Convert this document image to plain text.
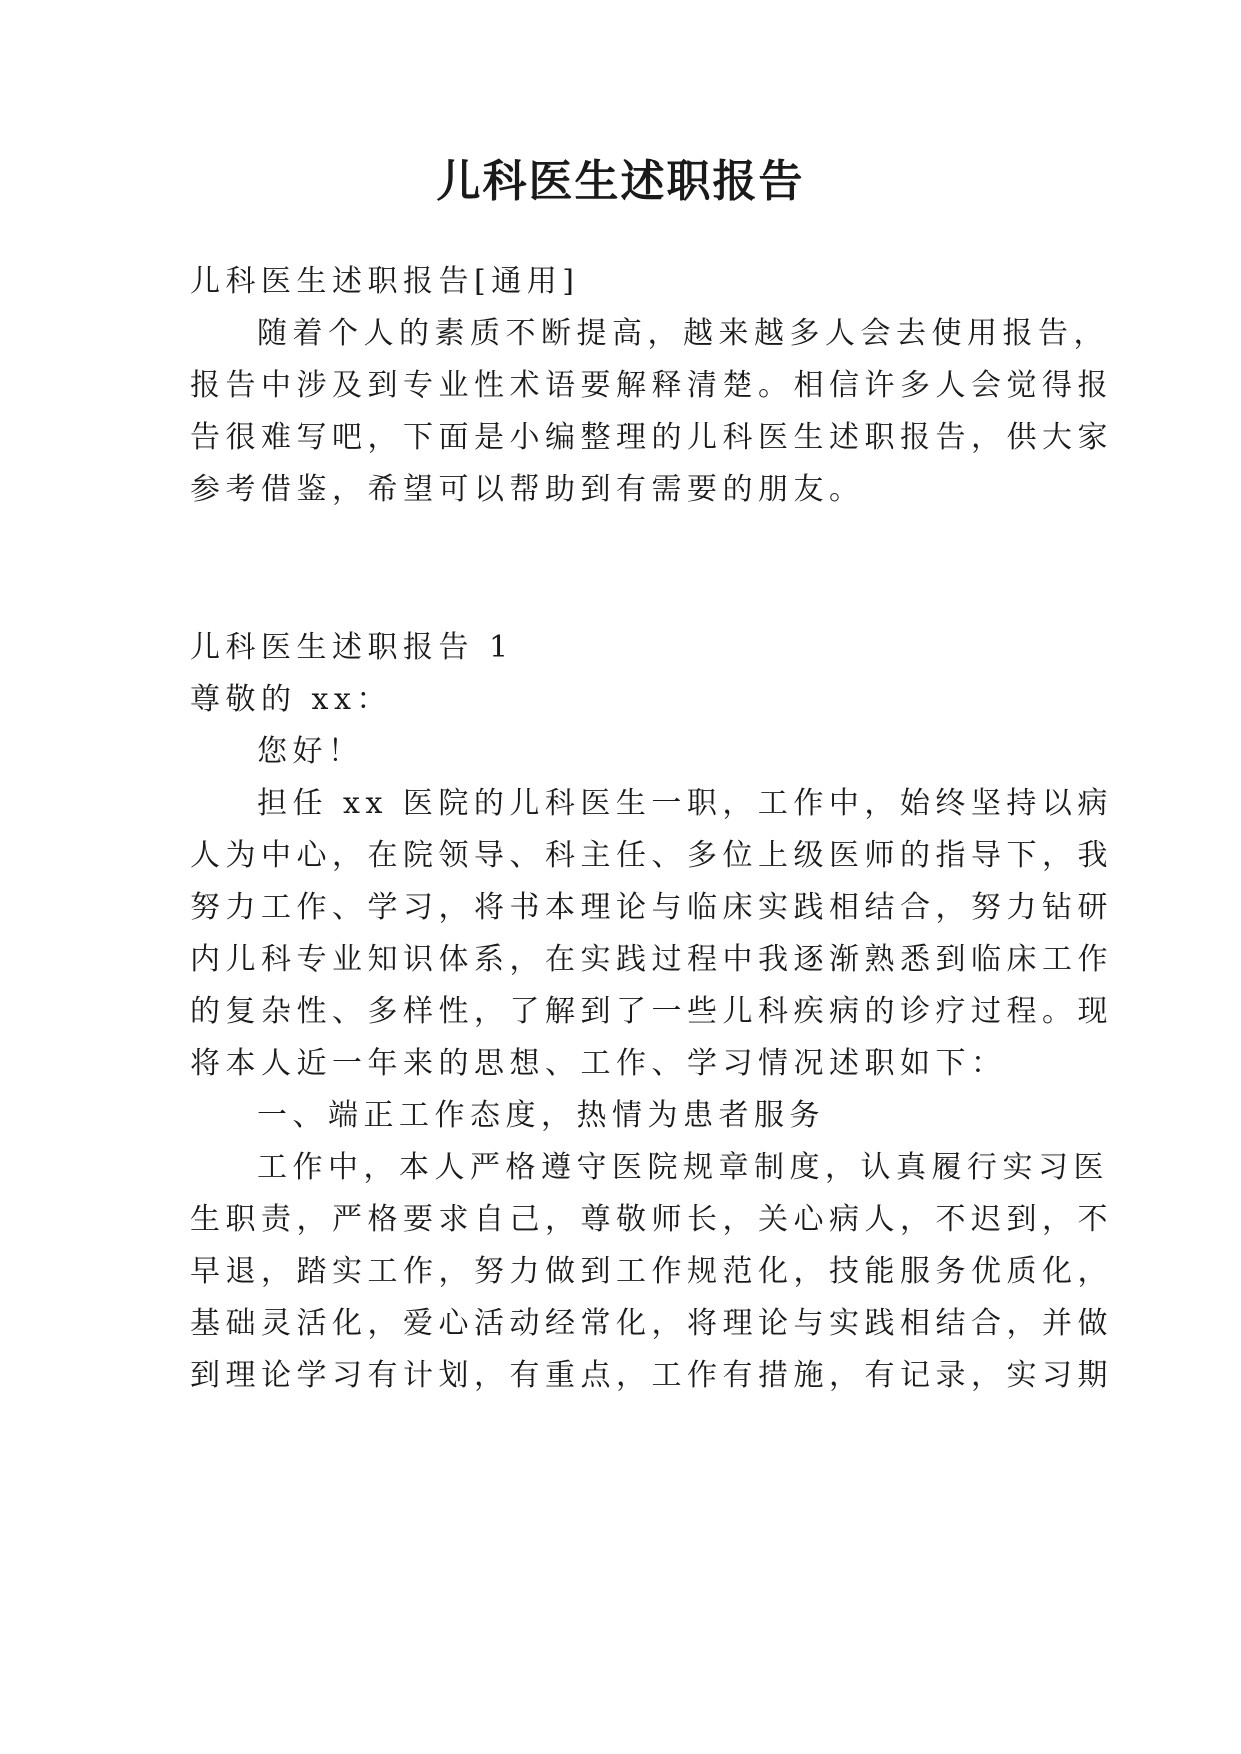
儿科医生述职报告

儿科医生述职报告[通用]

随着个人的素质不断提高，越来越多人会去使用报告，

报告中涉及到专业性术语要解释清楚。相信许多人会觉得报

告很难写吧，下面是小编整理的儿科医生述职报告，供大家

参考借鉴，希望可以帮助到有需要的朋友。

儿科医生述职报告 1

尊敬的 xx：

您好！

担任 xx 医院的儿科医生一职，工作中，始终坚持以病

人为中心，在院领导、科主任、多位上级医师的指导下，我

努力工作、学习，将书本理论与临床实践相结合，努力钻研

内儿科专业知识体系，在实践过程中我逐渐熟悉到临床工作

的复杂性、多样性，了解到了一些儿科疾病的诊疗过程。现

将本人近一年来的思想、工作、学习情况述职如下：

一、端正工作态度，热情为患者服务

工作中，本人严格遵守医院规章制度，认真履行实习医

生职责，严格要求自己，尊敬师长，关心病人，不迟到，不

早退，踏实工作，努力做到工作规范化，技能服务优质化，

基础灵活化，爱心活动经常化，将理论与实践相结合，并做

到理论学习有计划，有重点，工作有措施，有记录，实习期
